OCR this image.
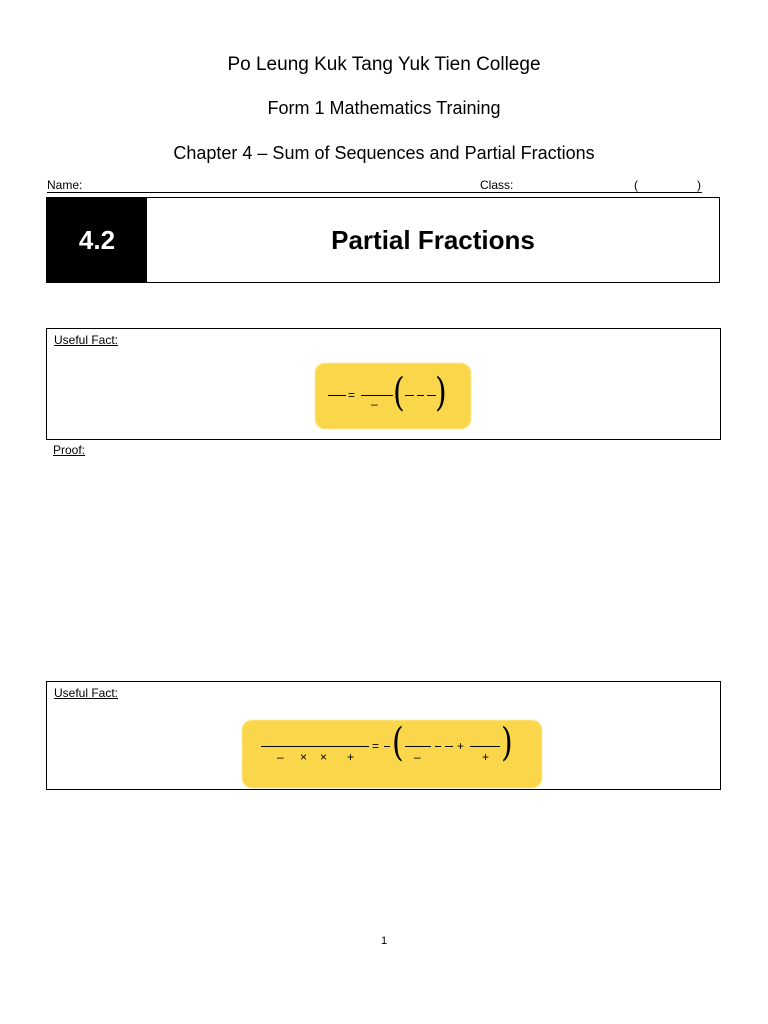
Po Leung Kuk Tang Yuk Tien College
Form 1 Mathematics Training
Chapter 4 – Sum of Sequences and Partial Fractions
Name:	Class:	(	)
4.2	Partial Fractions
Useful Fact:
=
– ( )
Proof:
Useful Fact:
– × × +
= ( –
+
+ )
1
